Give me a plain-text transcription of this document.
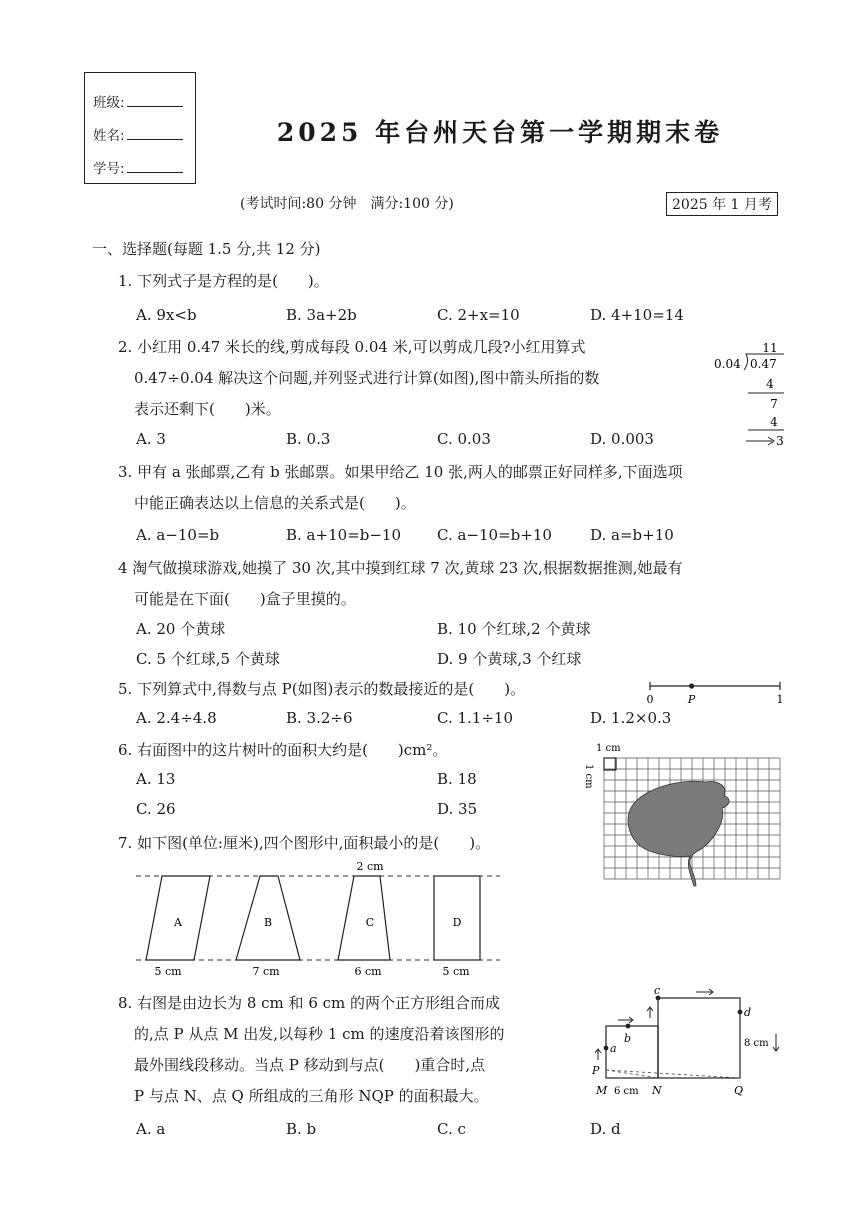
班级:
姓名:
学号:
2025 年台州天台第一学期期末卷
(考试时间:80 分钟　满分:100 分)	2025 年 1 月考
一、选择题(每题 1.5 分,共 12 分)
1. 下列式子是方程的是(　　)。
A. 9x<b	B. 3a+2b	C. 2+x=10	D. 4+10=14
2. 小红用 0.47 米长的线,剪成每段 0.04 米,可以剪成几段?小红用算式
0.47÷0.04 解决这个问题,并列竖式进行计算(如图),图中箭头所指的数
表示还剩下(　　)米。
A. 3	B. 0.3	C. 0.03	D. 0.003
11
0.04 0.47
4
7
4
3
3. 甲有 a 张邮票,乙有 b 张邮票。如果甲给乙 10 张,两人的邮票正好同样多,下面选项
中能正确表达以上信息的关系式是(　　)。
A. a−10=b	B. a+10=b−10 C. a−10=b+10	D. a=b+10
4 淘气做摸球游戏,她摸了 30 次,其中摸到红球 7 次,黄球 23 次,根据数据推测,她最有
可能是在下面(　　)盒子里摸的。
A. 20 个黄球	B. 10 个红球,2 个黄球
C. 5 个红球,5 个黄球	D. 9 个黄球,3 个红球
5. 下列算式中,得数与点 P(如图)表示的数最接近的是(　　)。
A. 2.4÷4.8	B. 3.2÷6	C. 1.1÷10	D. 1.2×0.3
0	P	1
6. 右面图中的这片树叶的面积大约是(　　)cm²。
A. 13	B. 18
C. 26	D. 35
1 cm
1 cm
7. 如下图(单位:厘米),四个图形中,面积最小的是(　　)。
2 cm
A
5 cm
B
7 cm
C
6 cm
D
5 cm
8. 右图是由边长为 8 cm 和 6 cm 的两个正方形组合而成
的,点 P 从点 M 出发,以每秒 1 cm 的速度沿着该图形的
最外围线段移动。当点 P 移动到与点(　　)重合时,点
P 与点 N、点 Q 所组成的三角形 NQP 的面积最大。
A. a	B. b	C. c	D. d
a
b
c
d
P
M	N	Q
6 cm
8 cm
